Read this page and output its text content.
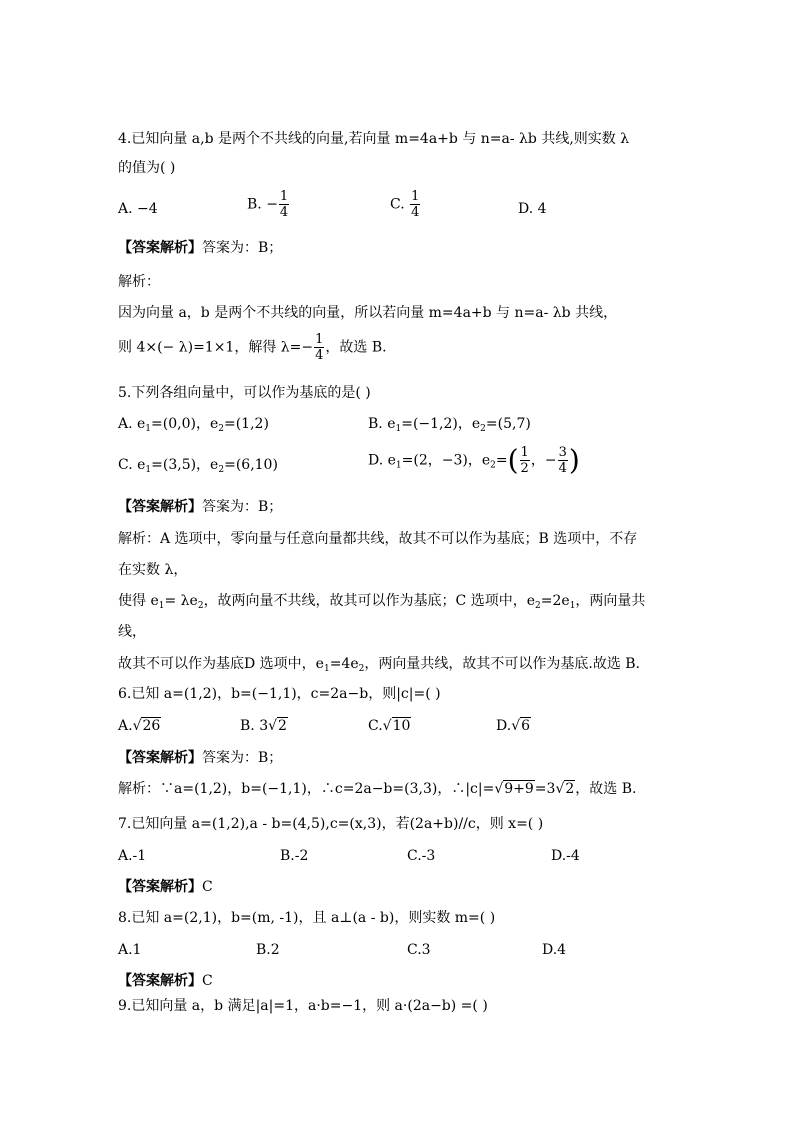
4.已知向量 a,b 是两个不共线的向量,若向量 m=4a+b 与 n=a- λb 共线,则实数 λ
的值为( )
A. −4	B. − $\frac{1}{4}$	C. $\frac{1}{4}$	D. 4
【答案解析】答案为：B；
解析：
因为向量 a，b 是两个不共线的向量，所以若向量 m=4a+b 与 n=a- λb 共线，
则 4×(− λ)=1×1，解得 $\lambda=- \frac{1}{4}$ ，故选 B.
5.下列各组向量中，可以作为基底的是( )
A. $e_1=(0,0)$，$e_2=(1,2)$	B. $e_1=(-1,2)$，$e_2=(5,7)$
C. $e_1=(3,5)$，$e_2=(6,10)$	D. $e_1=(2$，−3)，$e_2=( \frac{1}{2}$ ，− $\frac{3}{4}$ )
【答案解析】答案为：B；
解析：A 选项中，零向量与任意向量都共线，故其不可以作为基底；B 选项中，不存
在实数 λ，
使得 $e_1= \lambda e_2$，故两向量不共线，故其可以作为基底；C 选项中，$e_2=2e_1$，两向量共
线，
故其不可以作为基底D 选项中，$e_1=4e_2$，两向量共线，故其不可以作为基底.故选 B.
6.已知 a=(1,2)，b=(−1,1)，c=2a−b，则|c|=( )
A.√26	B. 3√2	C.√10	D.√6
【答案解析】答案为：B；
解析：∵a=(1,2)，b=(−1,1)，∴c=2a−b=(3,3)，∴|c|=√9+9=3√2，故选 B.
7.已知向量 a=(1,2),a - b=(4,5),c=(x,3)，若(2a+b)//c，则 x=( )
A.-1	B.-2	C.-3	D.-4
【答案解析】C
8.已知 a=(2,1)，b=(m, -1)，且 a⊥(a - b)，则实数 m=( )
A.1	B.2	C.3	D.4
【答案解析】C
9.已知向量 a，b 满足|a|=1，a·b=−1，则 a·(2a−b) =( )
